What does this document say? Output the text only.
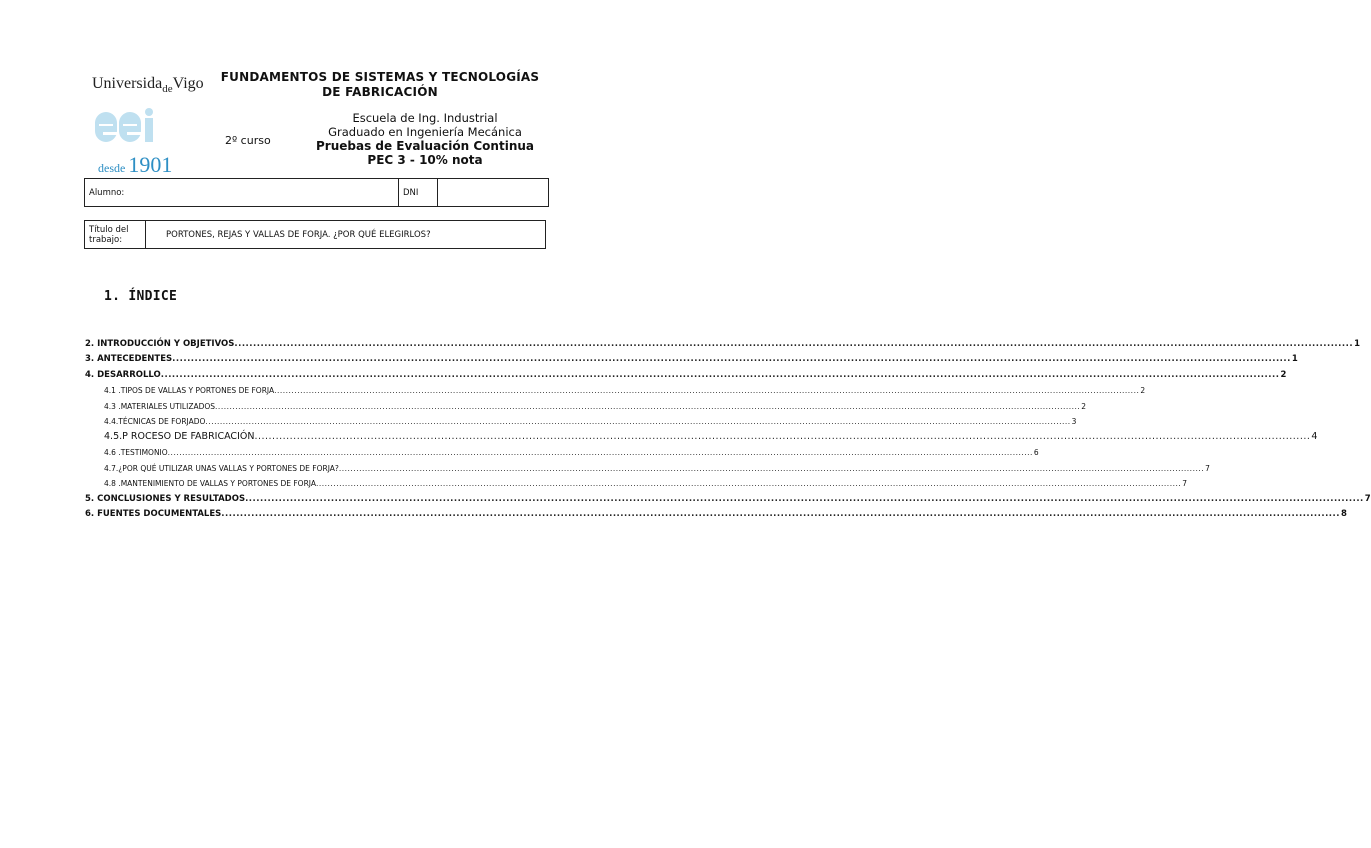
Universida$_{de}$Vigo
desde 1901
FUNDAMENTOS DE SISTEMAS Y TECNOLOGÍAS
DE FABRICACIÓN
2º curso
Escuela de Ing. Industrial
Graduado en Ingeniería Mecánica
Pruebas de Evaluación Continua
PEC 3 - 10% nota
Alumno:	DNI	
Título del trabajo:	PORTONES, REJAS Y VALLAS DE FORJA. ¿POR QUÉ ELEGIRLOS?
1. ÍNDICE
2. INTRODUCCIÓN Y OBJETIVOS ............................................................................................................................................................................................................................................................................................................ 1
3. ANTECEDENTES ............................................................................................................................................................................................................................................................................................................ 1
4. DESARROLLO ............................................................................................................................................................................................................................................................................................................ 2
4.1 .TIPOS DE VALLAS Y PORTONES DE FORJA ............................................................................................................................................................................................................................................................................................................ 2
4.3 .MATERIALES UTILIZADOS ............................................................................................................................................................................................................................................................................................................ 2
4.4.TÉCNICAS DE FORJADO ............................................................................................................................................................................................................................................................................................................ 3
4.5.P ROCESO DE FABRICACIÓN ............................................................................................................................................................................................................................................................................................................ 4
4.6 .TESTIMONIO ............................................................................................................................................................................................................................................................................................................ 6
4.7.¿POR QUÉ UTILIZAR UNAS VALLAS Y PORTONES DE FORJA? ............................................................................................................................................................................................................................................................................................................ 7
4.8 .MANTENIMIENTO DE VALLAS Y PORTONES DE FORJA ............................................................................................................................................................................................................................................................................................................ 7
5. CONCLUSIONES Y RESULTADOS ............................................................................................................................................................................................................................................................................................................ 7
6. FUENTES DOCUMENTALES ............................................................................................................................................................................................................................................................................................................ 8
